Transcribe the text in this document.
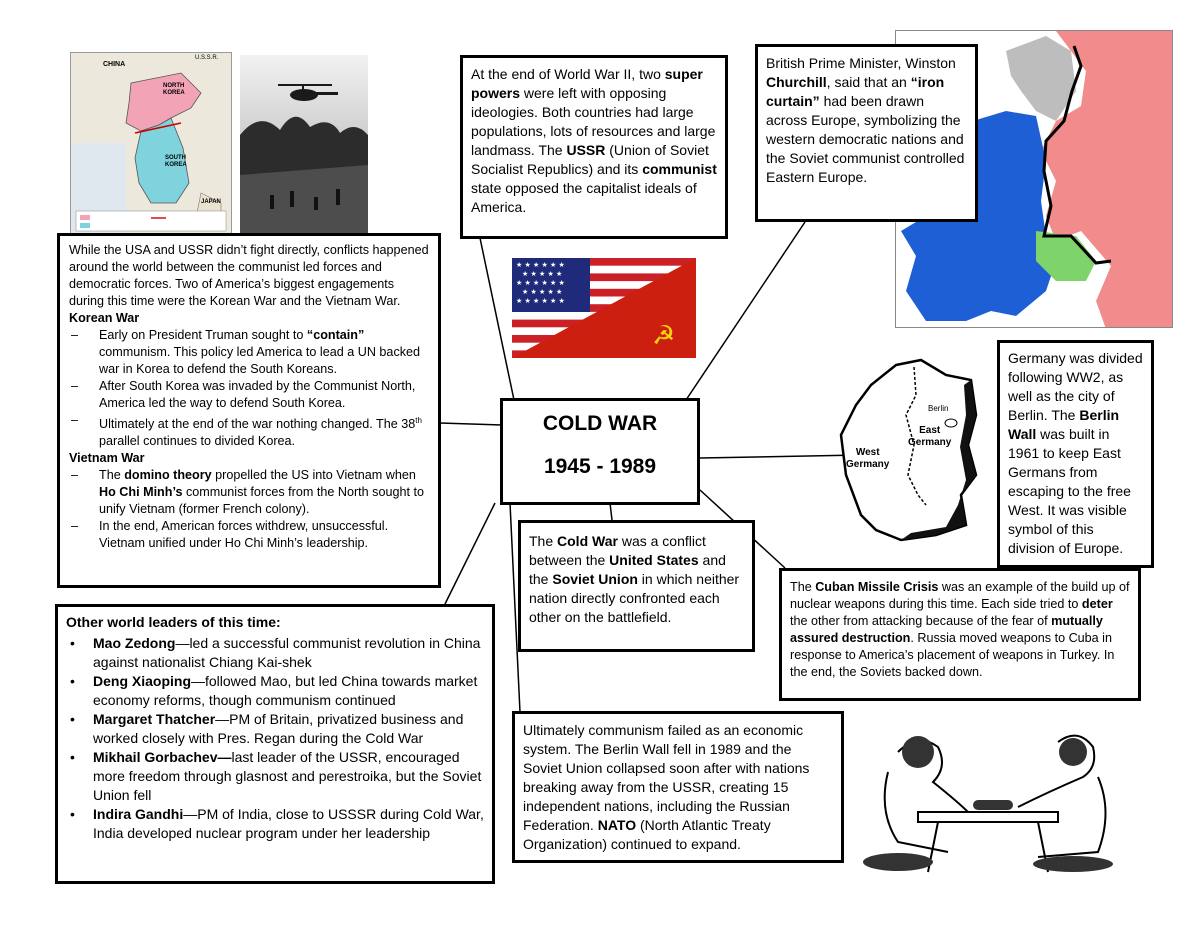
CHINA
U.S.S.R.
NORTH
KOREA
SOUTH
KOREA
JAPAN
At the end of World War II, two super powers were left with opposing ideologies. Both countries had large populations, lots of resources and large landmass. The USSR (Union of Soviet Socialist Republics) and its communist state opposed the capitalist ideals of America.
British Prime Minister, Winston Churchill, said that an “iron curtain” had been drawn across Europe, symbolizing the western democratic nations and the Soviet communist controlled Eastern Europe.
★ ★ ★ ★ ★ ★
★ ★ ★ ★ ★
★ ★ ★ ★ ★ ★
★ ★ ★ ★ ★
★ ★ ★ ★ ★ ★
☭
While the USA and USSR didn’t fight directly, conflicts happened around the world between the communist led forces and democratic forces. Two of America’s biggest engagements during this time were the Korean War and the Vietnam War.
Korean War
– Early on President Truman sought to “contain” communism. This policy led America to lead a UN backed war in Korea to defend the South Koreans.
– After South Korea was invaded by the Communist North, America led the way to defend South Korea.
– Ultimately at the end of the war nothing changed. The 38th parallel continues to divided Korea.
Vietnam War
– The domino theory propelled the US into Vietnam when Ho Chi Minh’s communist forces from the North sought to unify Vietnam (former French colony).
– In the end, American forces withdrew, unsuccessful. Vietnam unified under Ho Chi Minh’s leadership.
COLD WAR
1945 - 1989
West
Germany
East
Germany
Berlin
Germany was divided following WW2, as well as the city of Berlin. The Berlin Wall was built in 1961 to keep East Germans from escaping to the free West. It was visible symbol of this division of Europe.
The Cold War was a conflict between the United States and the Soviet Union in which neither nation directly confronted each other on the battlefield.
The Cuban Missile Crisis was an example of the build up of nuclear weapons during this time. Each side tried to deter the other from attacking because of the fear of mutually assured destruction. Russia moved weapons to Cuba in response to America’s placement of weapons in Turkey. In the end, the Soviets backed down.
Other world leaders of this time:
• Mao Zedong—led a successful communist revolution in China against nationalist Chiang Kai-shek
• Deng Xiaoping—followed Mao, but led China towards market economy reforms, though communism continued
• Margaret Thatcher—PM of Britain, privatized business and worked closely with Pres. Regan during the Cold War
• Mikhail Gorbachev—last leader of the USSR, encouraged more freedom through glasnost and perestroika, but the Soviet Union fell
• Indira Gandhi—PM of India, close to USSSR during Cold War, India developed nuclear program under her leadership
Ultimately communism failed as an economic system. The Berlin Wall fell in 1989 and the Soviet Union collapsed soon after with nations breaking away from the USSR, creating 15 independent nations, including the Russian Federation. NATO (North Atlantic Treaty Organization) continued to expand.
